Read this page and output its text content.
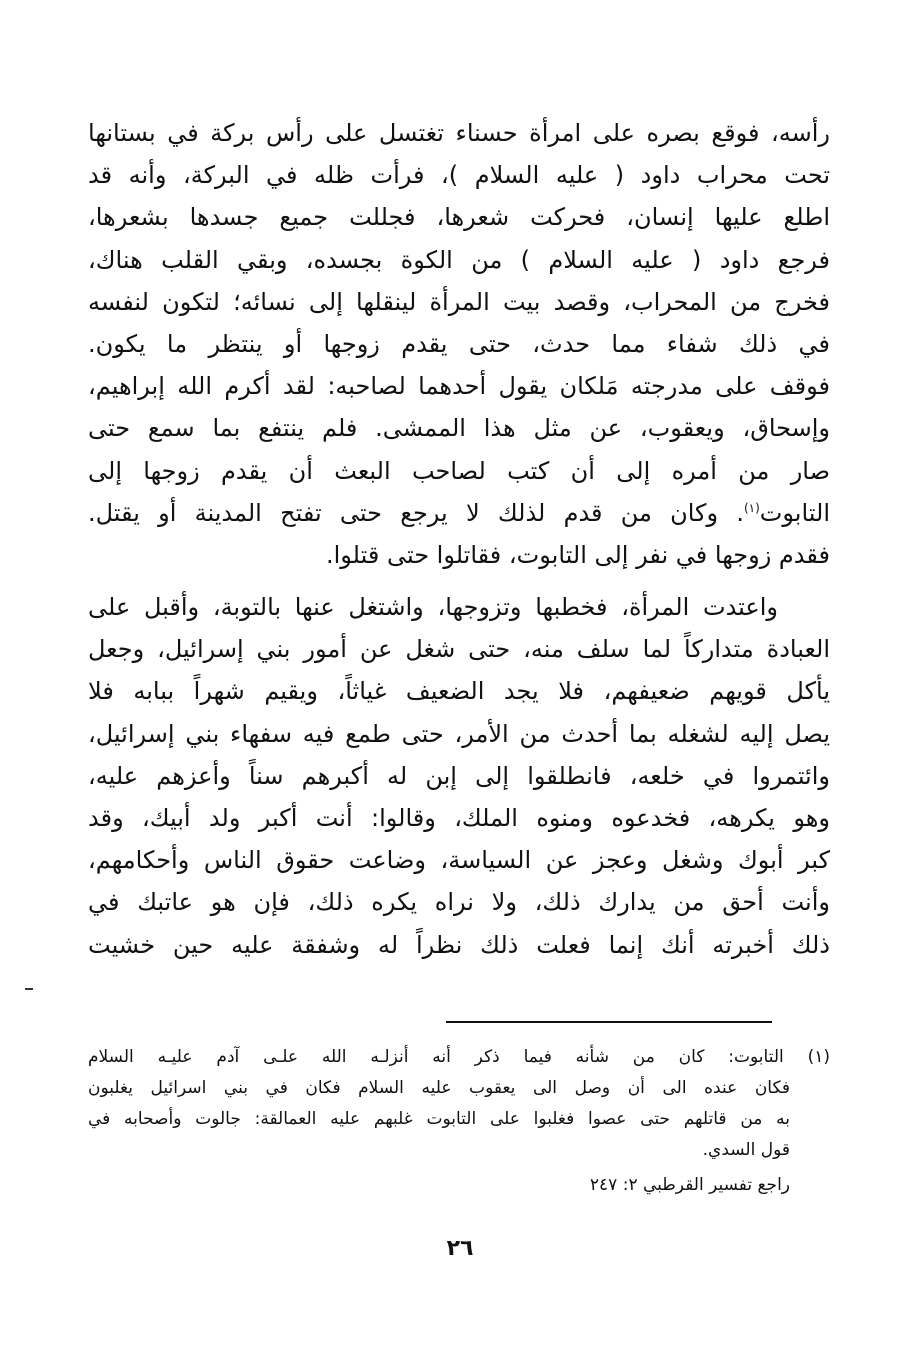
رأسه، فوقع بصره على امرأة حسناء تغتسل على رأس بركة في بستانها
تحت محراب داود ( عليه السلام )، فرأت ظله في البركة، وأنه قد
اطلع عليها إنسان، فحركت شعرها، فجللت جميع جسدها بشعرها،
فرجع داود ( عليه السلام ) من الكوة بجسده، وبقي القلب هناك،
فخرج من المحراب، وقصد بيت المرأة لينقلها إلى نسائه؛ لتكون لنفسه
في ذلك شفاء مما حدث، حتى يقدم زوجها أو ينتظر ما يكون.
فوقف على مدرجته مَلكان يقول أحدهما لصاحبه: لقد أكرم الله إبراهيم،
وإسحاق، ويعقوب، عن مثل هذا الممشى. فلم ينتفع بما سمع حتى
صار من أمره إلى أن كتب لصاحب البعث أن يقدم زوجها إلى
التابوت$^{(١)}$. وكان من قدم لذلك لا يرجع حتى تفتح المدينة أو يقتل.
فقدم زوجها في نفر إلى التابوت، فقاتلوا حتى قتلوا.
واعتدت المرأة، فخطبها وتزوجها، واشتغل عنها بالتوبة، وأقبل على
العبادة متداركاً لما سلف منه، حتى شغل عن أمور بني إسرائيل، وجعل
يأكل قويهم ضعيفهم، فلا يجد الضعيف غياثاً، ويقيم شهراً ببابه فلا
يصل إليه لشغله بما أحدث من الأمر، حتى طمع فيه سفهاء بني إسرائيل،
وائتمروا في خلعه، فانطلقوا إلى إبن له أكبرهم سناً وأعزهم عليه،
وهو يكرهه، فخدعوه ومنوه الملك، وقالوا: أنت أكبر ولد أبيك، وقد
كبر أبوك وشغل وعجز عن السياسة، وضاعت حقوق الناس وأحكامهم،
وأنت أحق من يدارك ذلك، ولا نراه يكره ذلك، فإن هو عاتبك في
ذلك أخبرته أنك إنما فعلت ذلك نظراً له وشفقة عليه حين خشيت
(١) التابوت: كان من شأنه فيما ذكر أنه أنزلـه الله علـى آدم عليـه السلام
فكان عنده الى أن وصل الى يعقوب عليه السلام فكان في بني اسرائيل يغلبون
به من قاتلهم حتى عصوا فغلبوا على التابوت غلبهم عليه العمالقة: جالوت وأصحابه في
قول السدي.
راجع تفسير القرطبي ٢: ٢٤٧
٢٦
